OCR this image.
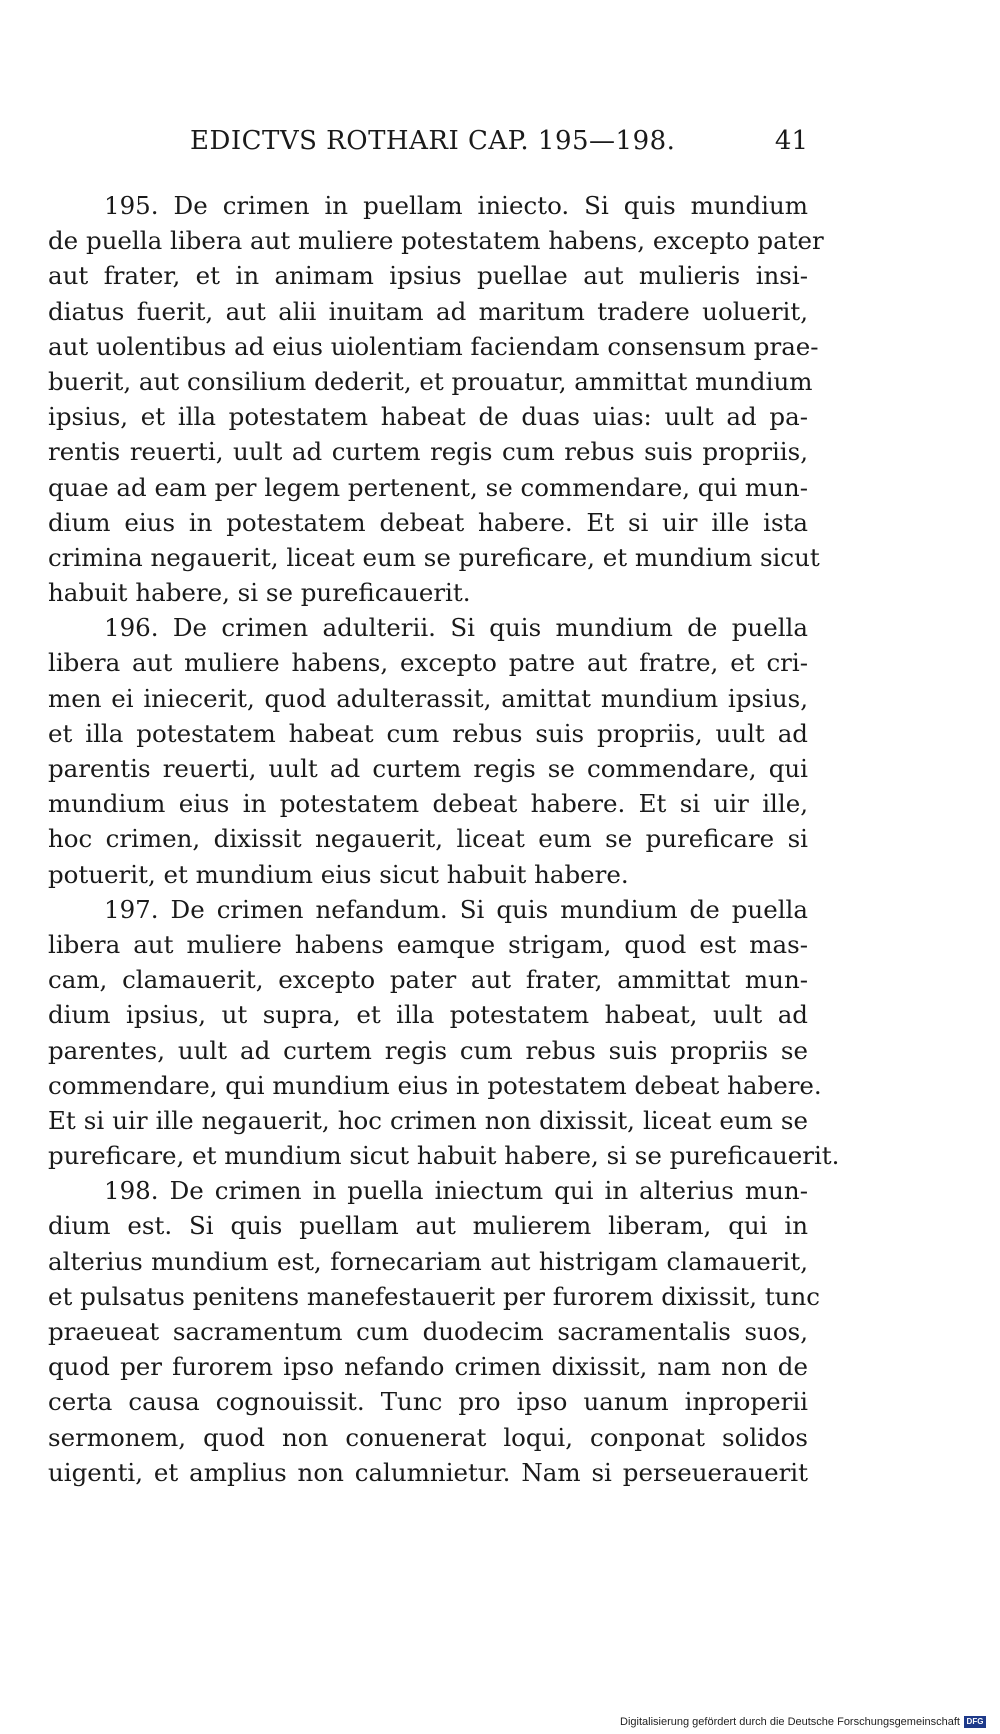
EDICTVS ROTHARI CAP. 195—198.	41
195. De crimen in puellam iniecto. Si quis mundium
de puella libera aut muliere potestatem habens, excepto pater
aut frater, et in animam ipsius puellae aut mulieris insi-
diatus fuerit, aut alii inuitam ad maritum tradere uoluerit,
aut uolentibus ad eius uiolentiam faciendam consensum prae-
buerit, aut consilium dederit, et prouatur, ammittat mundium
ipsius, et illa potestatem habeat de duas uias: uult ad pa-
rentis reuerti, uult ad curtem regis cum rebus suis propriis,
quae ad eam per legem pertenent, se commendare, qui mun-
dium eius in potestatem debeat habere. Et si uir ille ista
crimina negauerit, liceat eum se pureficare, et mundium sicut
habuit habere, si se pureficauerit.
196. De crimen adulterii. Si quis mundium de puella
libera aut muliere habens, excepto patre aut fratre, et cri-
men ei iniecerit, quod adulterassit, amittat mundium ipsius,
et illa potestatem habeat cum rebus suis propriis, uult ad
parentis reuerti, uult ad curtem regis se commendare, qui
mundium eius in potestatem debeat habere. Et si uir ille,
hoc crimen, dixissit negauerit, liceat eum se pureficare si
potuerit, et mundium eius sicut habuit habere.
197. De crimen nefandum. Si quis mundium de puella
libera aut muliere habens eamque strigam, quod est mas-
cam, clamauerit, excepto pater aut frater, ammittat mun-
dium ipsius, ut supra, et illa potestatem habeat, uult ad
parentes, uult ad curtem regis cum rebus suis propriis se
commendare, qui mundium eius in potestatem debeat habere.
Et si uir ille negauerit, hoc crimen non dixissit, liceat eum se
pureficare, et mundium sicut habuit habere, si se pureficauerit.
198. De crimen in puella iniectum qui in alterius mun-
dium est. Si quis puellam aut mulierem liberam, qui in
alterius mundium est, fornecariam aut histrigam clamauerit,
et pulsatus penitens manefestauerit per furorem dixissit, tunc
praeueat sacramentum cum duodecim sacramentalis suos,
quod per furorem ipso nefando crimen dixissit, nam non de
certa causa cognouissit. Tunc pro ipso uanum inproperii
sermonem, quod non conuenerat loqui, conponat solidos
uigenti, et amplius non calumnietur. Nam si perseuerauerit
Digitalisierung gefördert durch die Deutsche Forschungsgemeinschaft DFG
